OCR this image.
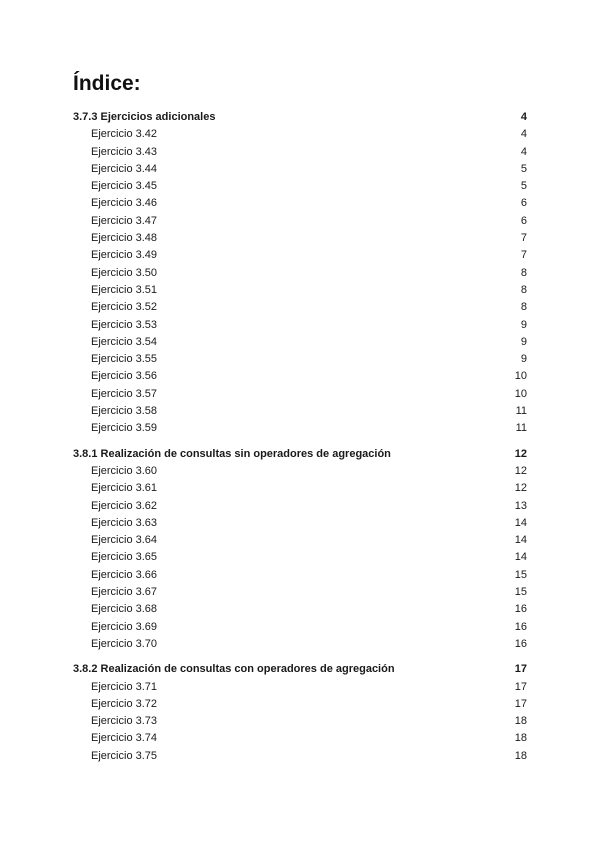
Índice:
3.7.3 Ejercicios adicionales	4
Ejercicio 3.42	4
Ejercicio 3.43	4
Ejercicio 3.44	5
Ejercicio 3.45	5
Ejercicio 3.46	6
Ejercicio 3.47	6
Ejercicio 3.48	7
Ejercicio 3.49	7
Ejercicio 3.50	8
Ejercicio 3.51	8
Ejercicio 3.52	8
Ejercicio 3.53	9
Ejercicio 3.54	9
Ejercicio 3.55	9
Ejercicio 3.56	10
Ejercicio 3.57	10
Ejercicio 3.58	11
Ejercicio 3.59	11
3.8.1 Realización de consultas sin operadores de agregación	12
Ejercicio 3.60	12
Ejercicio 3.61	12
Ejercicio 3.62	13
Ejercicio 3.63	14
Ejercicio 3.64	14
Ejercicio 3.65	14
Ejercicio 3.66	15
Ejercicio 3.67	15
Ejercicio 3.68	16
Ejercicio 3.69	16
Ejercicio 3.70	16
3.8.2 Realización de consultas con operadores de agregación	17
Ejercicio 3.71	17
Ejercicio 3.72	17
Ejercicio 3.73	18
Ejercicio 3.74	18
Ejercicio 3.75	18
